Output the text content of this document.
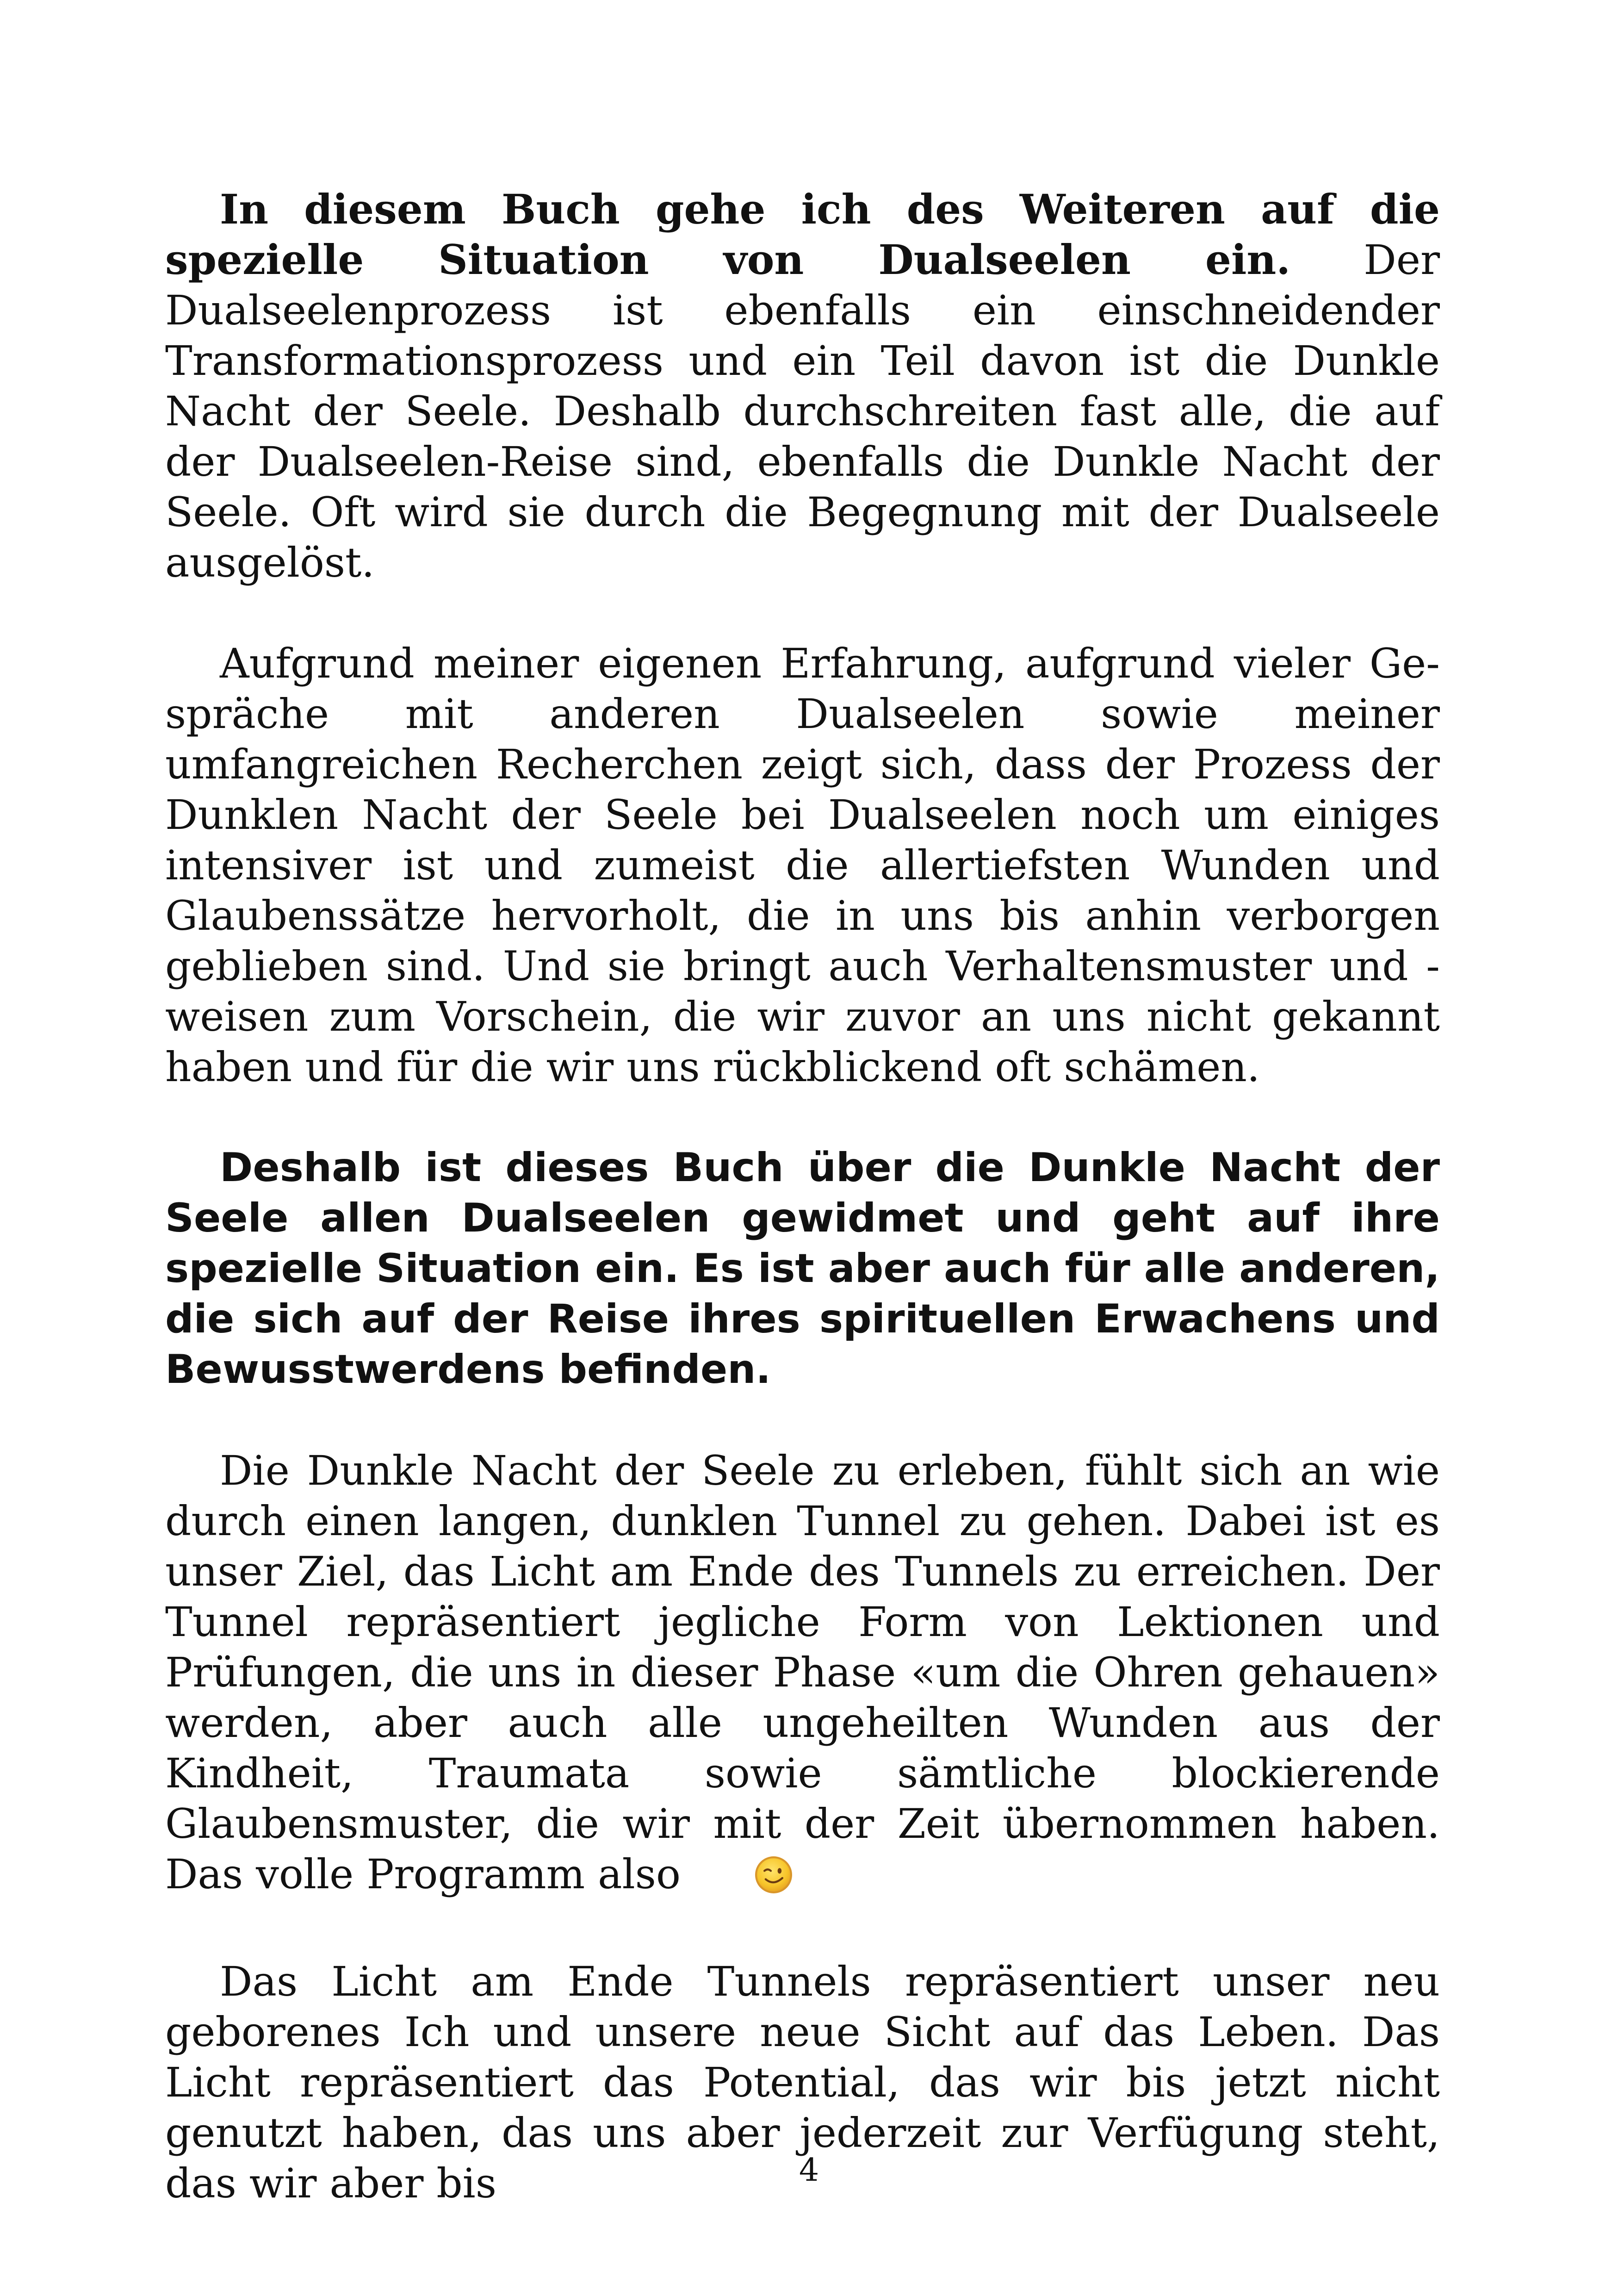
In diesem Buch gehe ich des Weiteren auf die spezielle Situation von Dualseelen ein. Der Dualseelenprozess ist ebenfalls ein einschneidender Transformationsprozess und ein Teil davon ist die Dunkle Nacht der Seele. Deshalb durchschreiten fast alle, die auf der Dualseelen-Reise sind, ebenfalls die Dunkle Nacht der Seele. Oft wird sie durch die Begegnung mit der Dualseele ausgelöst.

Aufgrund meiner eigenen Erfahrung, aufgrund vieler Gespräche mit anderen Dualseelen sowie meiner umfangreichen Recherchen zeigt sich, dass der Prozess der Dunklen Nacht der Seele bei Dualseelen noch um einiges intensiver ist und zumeist die allertiefsten Wunden und Glaubenssätze hervorholt, die in uns bis anhin verborgen geblieben sind. Und sie bringt auch Verhaltensmuster und -weisen zum Vorschein, die wir zuvor an uns nicht gekannt haben und für die wir uns rückblickend oft schämen.

Deshalb ist dieses Buch über die Dunkle Nacht der Seele allen Dualseelen gewidmet und geht auf ihre spezielle Situation ein. Es ist aber auch für alle anderen, die sich auf der Reise ihres spirituellen Erwachens und Bewusstwerdens befinden.

Die Dunkle Nacht der Seele zu erleben, fühlt sich an wie durch einen langen, dunklen Tunnel zu gehen. Dabei ist es unser Ziel, das Licht am Ende des Tunnels zu erreichen. Der Tunnel repräsentiert jegliche Form von Lektionen und Prüfungen, die uns in dieser Phase «um die Ohren gehauen» werden, aber auch alle ungeheilten Wunden aus der Kindheit, Traumata sowie sämtliche blockierende Glaubensmuster, die wir mit der Zeit übernommen haben. Das volle Programm also

Das Licht am Ende Tunnels repräsentiert unser neu geborenes Ich und unsere neue Sicht auf das Leben. Das Licht repräsentiert das Potential, das wir bis jetzt nicht genutzt haben, das uns aber jederzeit zur Verfügung steht, das wir aber bis	4
